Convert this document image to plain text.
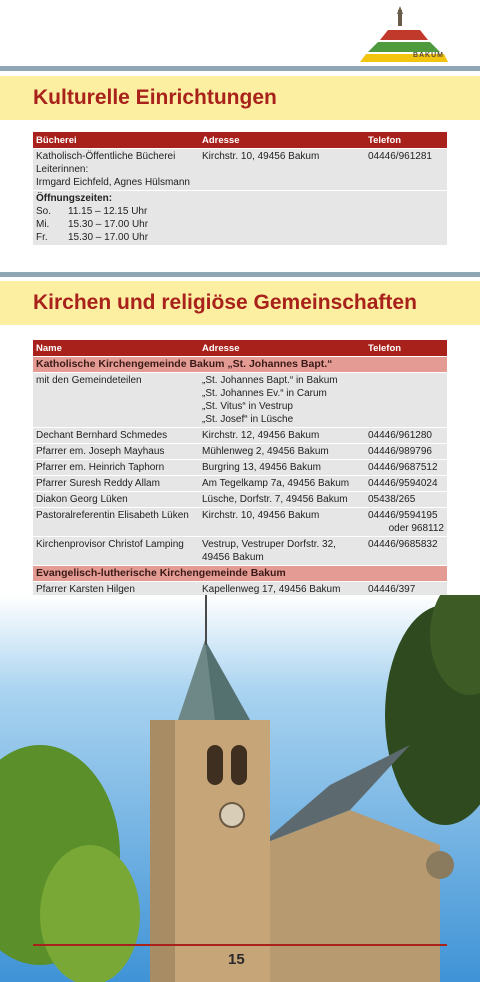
BAKUM
Kulturelle Einrichtungen
Bücherei	Adresse	Telefon

Katholisch-Öffentliche Bücherei
Leiterinnen:
Irmgard Eichfeld, Agnes Hülsmann	Kirchstr. 10, 49456 Bakum	04446/961281

Öffnungszeiten:
So. 11.15 – 12.15 Uhr
Mi. 15.30 – 17.00 Uhr
Fr. 15.30 – 17.00 Uhr		

Kirchen und religiöse Gemeinschaften
Name	Adresse	Telefon
Katholische Kirchengemeinde Bakum „St. Johannes Bapt.“		
mit den Gemeindeteilen	„St. Johannes Bapt.“ in Bakum
„St. Johannes Ev.“ in Carum
„St. Vitus“ in Vestrup
„St. Josef“ in Lüsche	

Dechant Bernhard Schmedes	Kirchstr. 12, 49456 Bakum	04446/961280
Pfarrer em. Joseph Mayhaus	Mühlenweg 2, 49456 Bakum	04446/989796
Pfarrer em. Heinrich Taphorn	Burgring 13, 49456 Bakum	04446/9687512
Pfarrer Suresh Reddy Allam	Am Tegelkamp 7a, 49456 Bakum	04446/9594024
Diakon Georg Lüken	Lüsche, Dorfstr. 7, 49456 Bakum	05438/265
Pastoralreferentin Elisabeth Lüken	Kirchstr. 10, 49456 Bakum	04446/9594195
oder 968112

Kirchenprovisor Christof Lamping	Vestrup, Vestruper Dorfstr. 32,
49456 Bakum	04446/9685832
Evangelisch-lutherische Kirchengemeinde Bakum		
Pfarrer Karsten Hilgen	Kapellenweg 17, 49456 Bakum	04446/397
15
